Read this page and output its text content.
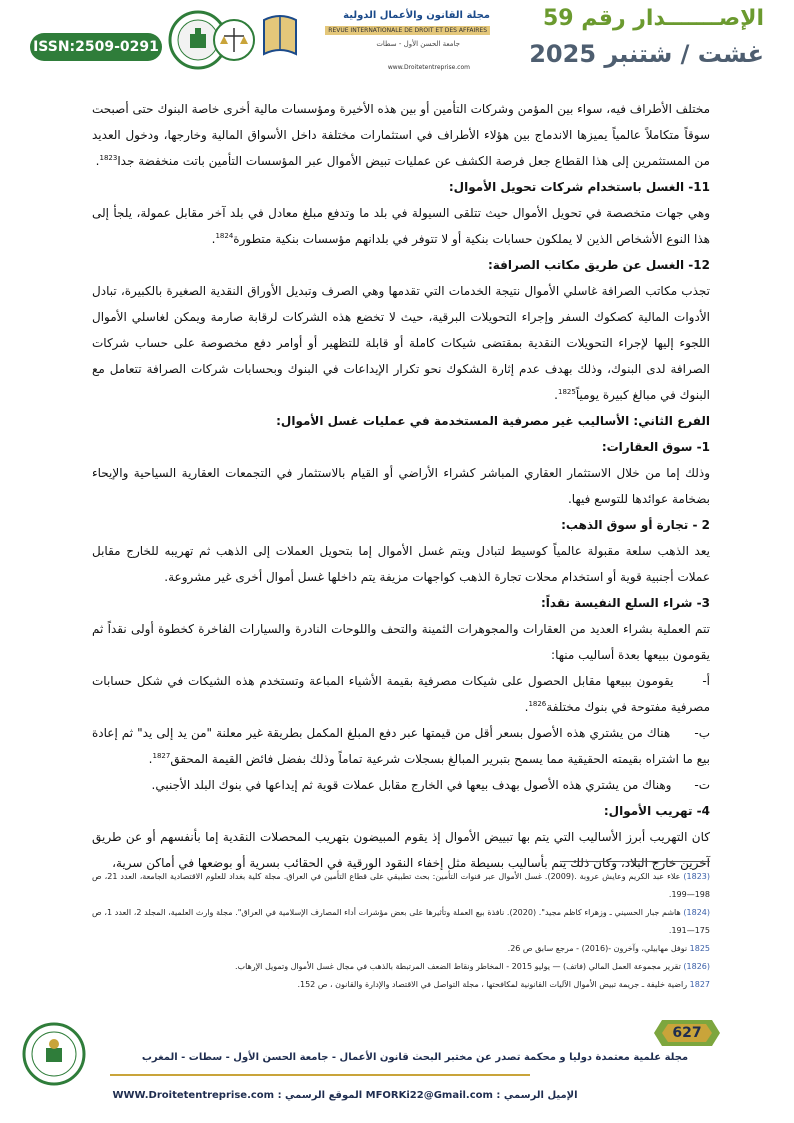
ISSN:2509-0291
مجلة القانون والأعمال الدولية
REVUE INTERNATIONALE DE DROIT ET DES AFFAIRES
جامعة الحسن الأول - سطات
www.Droitetentreprise.com
الإصـــــــدار رقم 59
غشت / شتنبر 2025

مختلف الأطراف فيه، سواء بين المؤمن وشركات التأمين أو بين هذه الأخيرة ومؤسسات مالية أخرى خاصة البنوك حتى أصبحت سوقاً متكاملاً عالمياً يميزها الاندماج بين هؤلاء الأطراف في استثمارات مختلفة داخل الأسواق المالية وخارجها، ودخول العديد من المستثمرين إلى هذا القطاع جعل فرصة الكشف عن عمليات تبيض الأموال عبر المؤسسات التأمين باتت منخفضة جدا$^{1823}$.

11- الغسل باستخدام شركات تحويل الأموال:

وهي جهات متخصصة في تحويل الأموال حيث تتلقى السيولة في بلد ما وتدفع مبلغ معادل في بلد آخر مقابل عمولة، يلجأ إلى هذا النوع الأشخاص الذين لا يملكون حسابات بنكية أو لا تتوفر في بلدانهم مؤسسات بنكية متطورة$^{1824}$.

12- الغسل عن طريق مكاتب الصرافة:

تجذب مكاتب الصرافة غاسلي الأموال نتيجة الخدمات التي تقدمها وهي الصرف وتبديل الأوراق النقدية الصغيرة بالكبيرة، تبادل الأدوات المالية كصكوك السفر وإجراء التحويلات البرقية، حيث لا تخضع هذه الشركات لرقابة صارمة ويمكن لغاسلي الأموال اللجوء إليها لإجراء التحويلات النقدية بمقتضى شيكات كاملة أو قابلة للتظهير أو أوامر دفع مخصوصة على حساب شركات الصرافة لدى البنوك، وذلك بهدف عدم إثارة الشكوك نحو تكرار الإيداعات في البنوك وبحسابات شركات الصرافة تتعامل مع البنوك في مبالغ كبيرة يومياً$^{1825}$.

الفرع الثاني: الأساليب غير مصرفية المستخدمة في عمليات غسل الأموال:

1- سوق العقارات:

وذلك إما من خلال الاستثمار العقاري المباشر كشراء الأراضي أو القيام بالاستثمار في التجمعات العقارية السياحية والإيحاء بضخامة عوائدها للتوسع فيها.

2 - تجارة أو سوق الذهب:

يعد الذهب سلعة مقبولة عالمياً كوسيط لتبادل ويتم غسل الأموال إما بتحويل العملات إلى الذهب ثم تهريبه للخارج مقابل عملات أجنبية قوية أو استخدام محلات تجارة الذهب كواجهات مزيفة يتم داخلها غسل أموال أخرى غير مشروعة.

3- شراء السلع النفيسة نقداً:

تتم العملية بشراء العديد من العقارات والمجوهرات الثمينة والتحف واللوحات النادرة والسيارات الفاخرة كخطوة أولى نقداً ثم يقومون ببيعها بعدة أساليب منها:

أ-      يقومون ببيعها مقابل الحصول على شيكات مصرفية بقيمة الأشياء المباعة وتستخدم هذه الشيكات في شكل حسابات مصرفية مفتوحة في بنوك مختلفة$^{1826}$.

ب-      هناك من يشتري هذه الأصول بسعر أقل من قيمتها عبر دفع المبلغ المكمل بطريقة غير معلنة "من يد إلى يد" ثم إعادة بيع ما اشتراه بقيمته الحقيقية مما يسمح بتبرير المبالغ بسجلات شرعية تماماً وذلك بفضل فائض القيمة المحقق$^{1827}$.

ت-      وهناك من يشتري هذه الأصول بهدف بيعها في الخارج مقابل عملات قوية ثم إيداعها في بنوك البلد الأجنبي.

4- تهريب الأموال:

كان التهريب أبرز الأساليب التي يتم بها تبييض الأموال إذ يقوم المبيضون بتهريب المحصلات النقدية إما بأنفسهم أو عن طريق آخرين خارج البلاد، وكان ذلك يتم بأساليب بسيطة مثل إخفاء النقود الورقية في الحقائب بسرية أو بوضعها في أماكن سرية،

(1823) علاء عبد الكريم وعايش عروبة .(2009). غسل الأموال عبر قنوات التأمين: بحث تطبيقي على قطاع التأمين في العراق. مجلة كلية بغداد للعلوم الاقتصادية الجامعة، العدد 21، ص 198—199.

(1824) هاشم جبار الحسيني ـ وزهراء كاظم مجيد". (2020). نافذة بيع العملة وتأثيرها على بعض مؤشرات أداء المصارف الإسلامية في العراق". مجلة وارث العلمية، المجلد 2، العدد 1، ص 175—191.

1825 نوفل مهابيلي، وآخرون -(2016) - مرجع سابق ص 26.

(1826) تقرير مجموعة العمل المالي (فاتف) — يوليو 2015 - المخاطر ونقاط الضعف المرتبطة بالذهب في مجال غسل الأموال وتمويل الإرهاب.

1827 راضية خليفة ـ جريمة تبيض الأموال الآليات القانونية لمكافحتها ، مجلة التواصل في الاقتصاد والإدارة والقانون ، ص 152.

627
مجلة علمية معتمدة دوليا و محكمة تصدر عن مختبر البحث قانون الأعمال - جامعة الحسن الأول - سطات - المغرب
الإميل الرسمي : MFORKi22@Gmail.com الموقع الرسمي : WWW.Droitetentreprise.com
